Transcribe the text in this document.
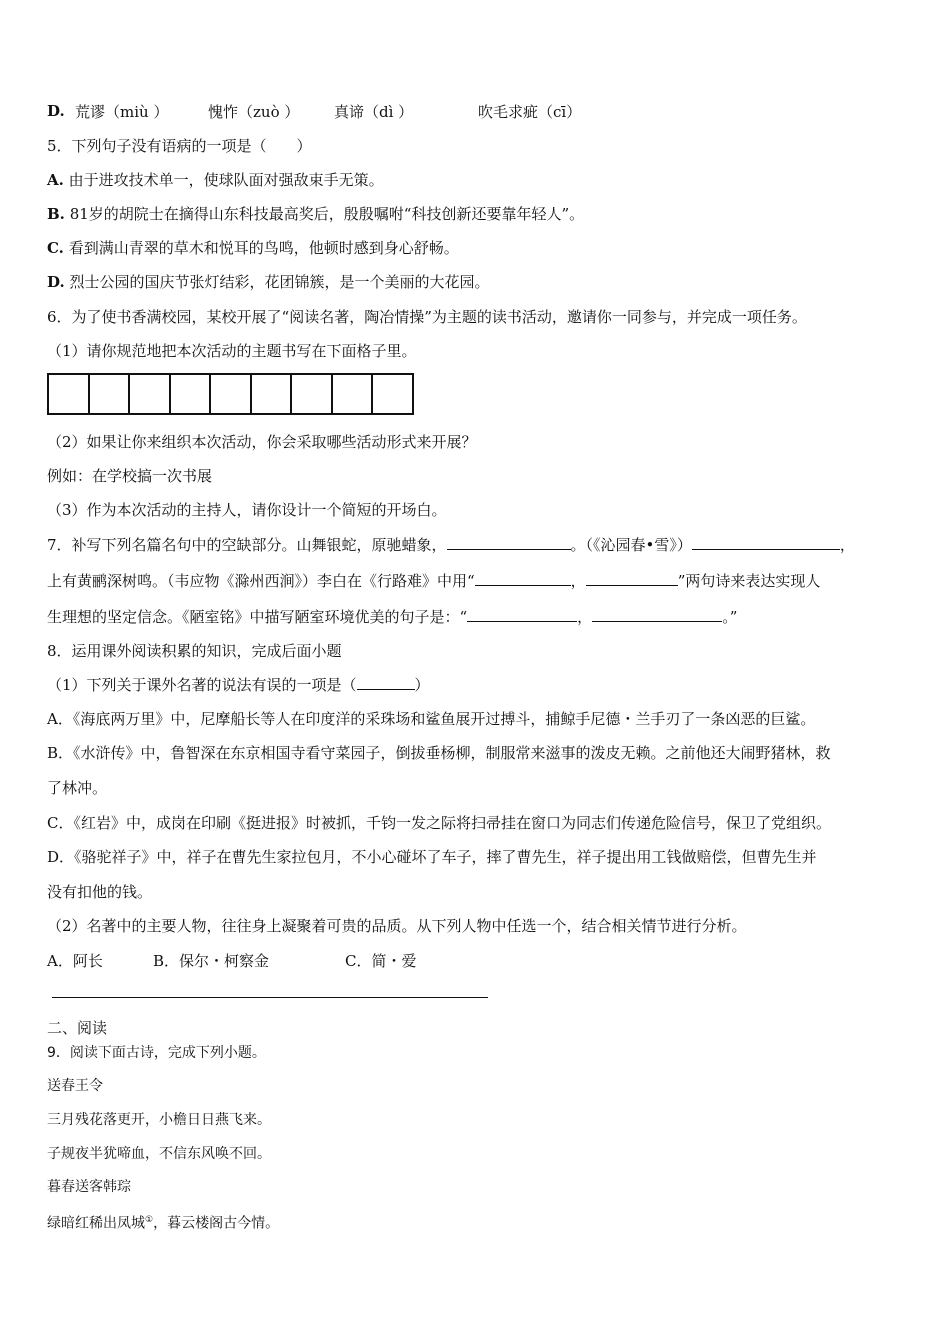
D. 荒谬（miù ）	愧怍（zuò ） 真谛（dì ）	吹毛求疵（cī）
5．下列句子没有语病的一项是（　　）
A. 由于进攻技术单一，使球队面对强敌束手无策。
B. 81岁的胡院士在摘得山东科技最高奖后，殷殷嘱咐“科技创新还要靠年轻人”。
C. 看到满山青翠的草木和悦耳的鸟鸣，他顿时感到身心舒畅。
D. 烈士公园的国庆节张灯结彩，花团锦簇，是一个美丽的大花园。
6．为了使书香满校园，某校开展了“阅读名著，陶冶情操”为主题的读书活动，邀请你一同参与，并完成一项任务。
（1）请你规范地把本次活动的主题书写在下面格子里。
（2）如果让你来组织本次活动，你会采取哪些活动形式来开展？
例如：在学校搞一次书展
（3）作为本次活动的主持人，请你设计一个简短的开场白。
7．补写下列名篇名句中的空缺部分。山舞银蛇，原驰蜡象，	。（《沁园春•雪》）	，
上有黄鹂深树鸣。（韦应物《滁州西涧》）李白在《行路难》中用“	，	”两句诗来表达实现人
生理想的坚定信念。《陋室铭》中描写陋室环境优美的句子是：“	，	。”
8．运用课外阅读积累的知识，完成后面小题
（1）下列关于课外名著的说法有误的一项是（	）
A．《海底两万里》中，尼摩船长等人在印度洋的采珠场和鲨鱼展开过搏斗，捕鲸手尼德・兰手刃了一条凶恶的巨鲨。
B．《水浒传》中，鲁智深在东京相国寺看守菜园子，倒拔垂杨柳，制服常来滋事的泼皮无赖。之前他还大闹野猪林，救
了林冲。
C．《红岩》中，成岗在印刷《挺进报》时被抓，千钧一发之际将扫帚挂在窗口为同志们传递危险信号，保卫了党组织。
D．《骆驼祥子》中，祥子在曹先生家拉包月，不小心碰坏了车子，摔了曹先生，祥子提出用工钱做赔偿，但曹先生并
没有扣他的钱。
（2）名著中的主要人物，往往身上凝聚着可贵的品质。从下列人物中任选一个，结合相关情节进行分析。
A．阿长	B．保尔・柯察金	C．简・爱
二、阅读
9．阅读下面古诗，完成下列小题。
送春王令
三月残花落更开，小檐日日燕飞来。
子规夜半犹啼血，不信东风唤不回。
暮春送客韩琮
绿暗红稀出凤城①，暮云楼阁古今情。
